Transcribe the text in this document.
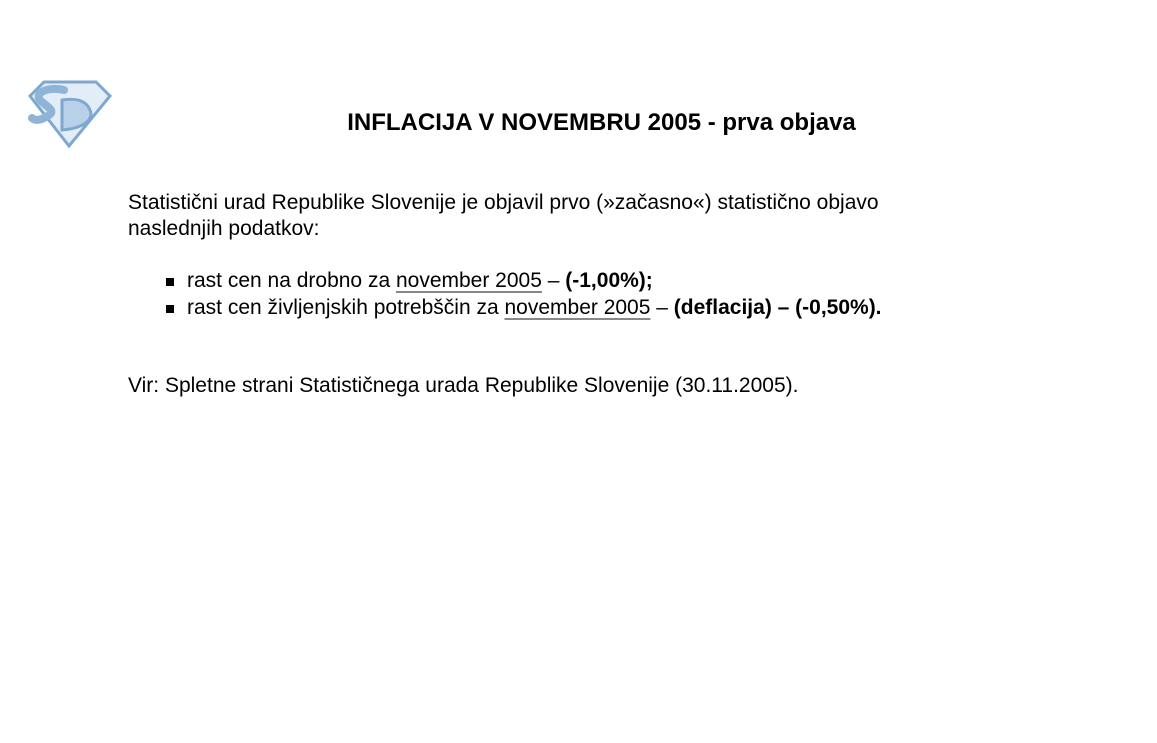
INFLACIJA V NOVEMBRU 2005 - prva objava

Statistični urad Republike Slovenije je objavil prvo (»začasno«) statistično objavo
naslednjih podatkov:

rast cen na drobno za november 2005 – (-1,00%);
rast cen življenjskih potrebščin za november 2005 – (deflacija) – (-0,50%).

Vir: Spletne strani Statističnega urada Republike Slovenije (30.11.2005).
